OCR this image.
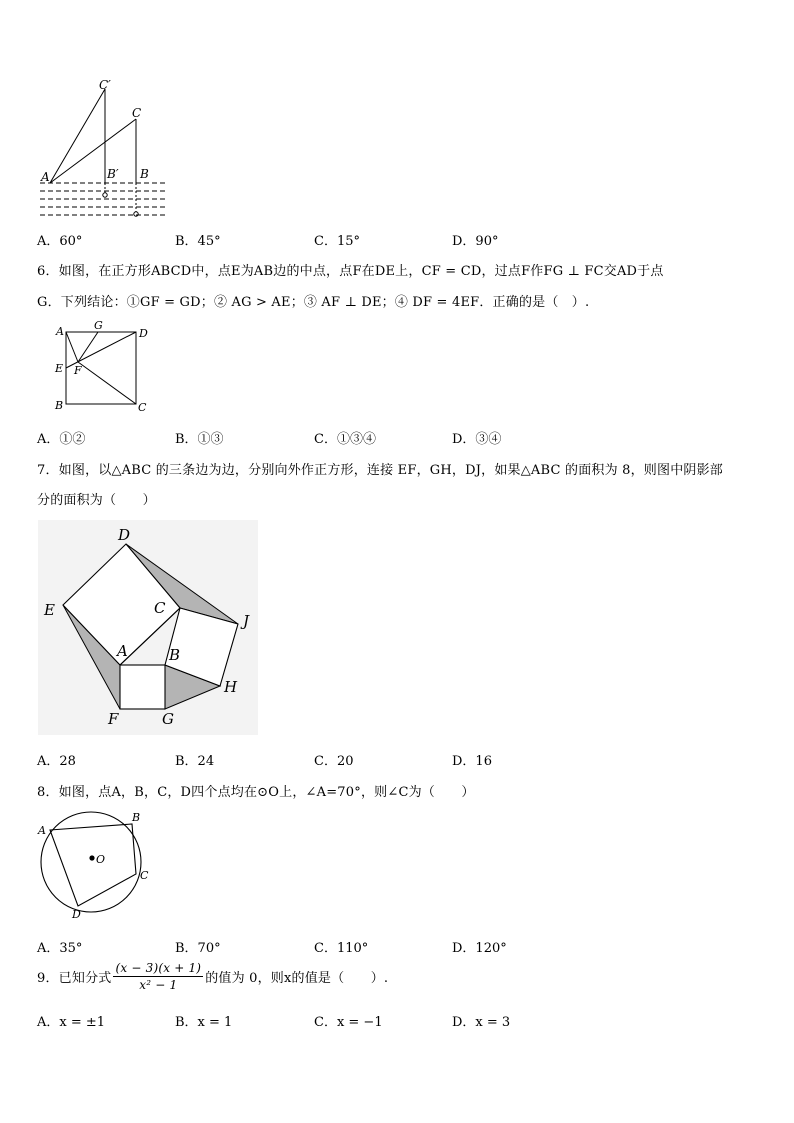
C′
C
A	B′ B
A．60°	B．45°	C．15°	D．90°
6．如图，在正方形ABCD中，点E为AB边的中点，点F在DE上，CF = CD，过点F作FG ⊥ FC交AD于点
G．下列结论：①GF = GD；② AG > AE；③ AF ⊥ DE；④ DF = 4EF．正确的是（　）.
A	G
D
E F
B	C
A．①②	B．①③	C．①③④	D．③④
7．如图，以△ABC 的三条边为边，分别向外作正方形，连接 EF，GH，DJ，如果△ABC 的面积为 8，则图中阴影部
分的面积为（　　）
D
E	C
J
A	B
H
F	G
A．28	B．24	C．20	D．16
8．如图，点A，B，C，D四个点均在⊙O上，∠A=70°，则∠C为（　　）
A
B
C
D
O
A．35°	B．70°	C．110°	D．120°
9．已知分式 $\frac{(x - 3)(x + 1)}{\text{x² − 1}}$ 的值为 0，则x的值是（　　）.
A．x = ±1	B．x = 1	C．x = −1	D．x = 3
